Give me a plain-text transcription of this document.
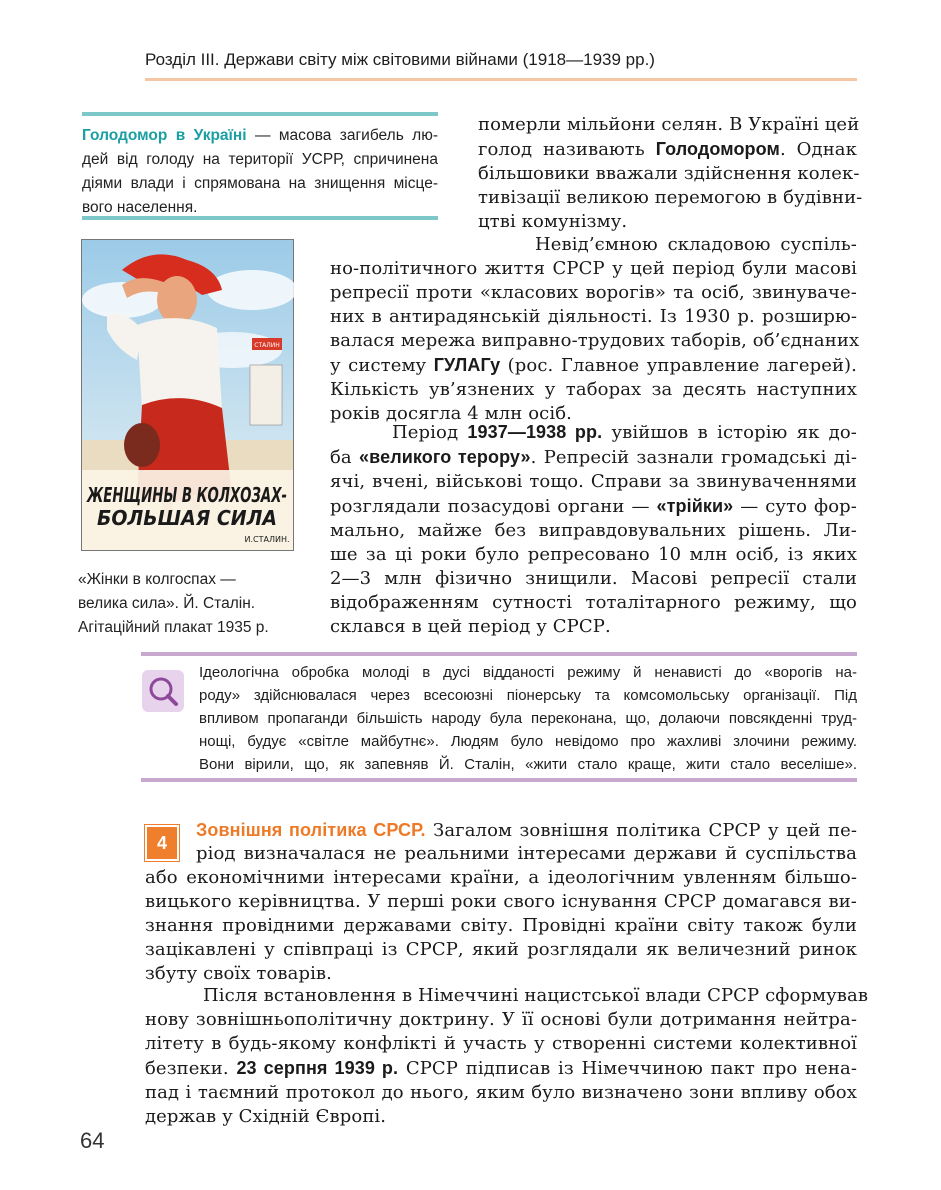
Розділ ІІІ. Держави світу між світовими війнами (1918—1939 рр.)
Голодомор в Україні — масова загибель лю-
дей від голоду на території УСРР, спричинена
діями влади і спрямована на знищення місце-
вого населення.
померли мільйони селян. В Україні цей
голод називають Голодомором. Однак
більшовики вважали здійснення колек-
тивізації великою перемогою в будівни-
цтві комунізму.
Невід’ємною складовою суспіль-
но-політичного життя СРСР у цей період були масові
репресії проти «класових ворогів» та осіб, звинуваче-
них в антирадянській діяльності. Із 1930 р. розширю-
валася мережа виправно-трудових таборів, об’єднаних
у систему ГУЛАГу (рос. Главное управление лагерей).
Кількість ув’язнених у таборах за десять наступних
років досягла 4 млн осіб.
Період 1937—1938 рр. увійшов в історію як до-
ба «великого терору». Репресій зазнали громадські ді-
ячі, вчені, військові тощо. Справи за звинуваченнями
розглядали позасудові органи — «трійки» — суто фор-
мально, майже без виправдовувальних рішень. Ли-
ше за ці роки було репресовано 10 млн осіб, із яких
2—3 млн фізично знищили. Масові репресії стали
відображенням сутності тоталітарного режиму, що
склався в цей період у СРСР.
СТАЛИН
ЖЕНЩИНЫ В КОЛХОЗАХ-
БОЛЬШАЯ СИЛА
И.СТАЛИН.
«Жінки в колгоспах —
велика сила». Й. Сталін.
Агітаційний плакат 1935 р.
Ідеологічна обробка молоді в дусі відданості режиму й ненависті до «ворогів на-
роду» здійснювалася через всесоюзні піонерську та комсомольську організації. Під
впливом пропаганди більшість народу була переконана, що, долаючи повсякденні труд-
нощі, будує «світле майбутнє». Людям було невідомо про жахливі злочини режиму.
Вони вірили, що, як запевняв Й. Сталін, «жити стало краще, жити стало веселіше».
4
Зовнішня політика СРСР. Загалом зовнішня політика СРСР у цей пе-
ріод визначалася не реальними інтересами держави й суспільства
або економічними інтересами країни, а ідеологічним увленням більшо-
вицького керівництва. У перші роки свого існування СРСР домагався ви-
знання провідними державами світу. Провідні країни світу також були
зацікавлені у співпраці із СРСР, який розглядали як величезний ринок
збуту своїх товарів.
Після встановлення в Німеччині нацистської влади СРСР сформував
нову зовнішньополітичну доктрину. У її основі були дотримання нейтра-
літету в будь-якому конфлікті й участь у створенні системи колективної
безпеки. 23 серпня 1939 р. СРСР підписав із Німеччиною пакт про нена-
пад і таємний протокол до нього, яким було визначено зони впливу обох
держав у Східній Європі.
64
